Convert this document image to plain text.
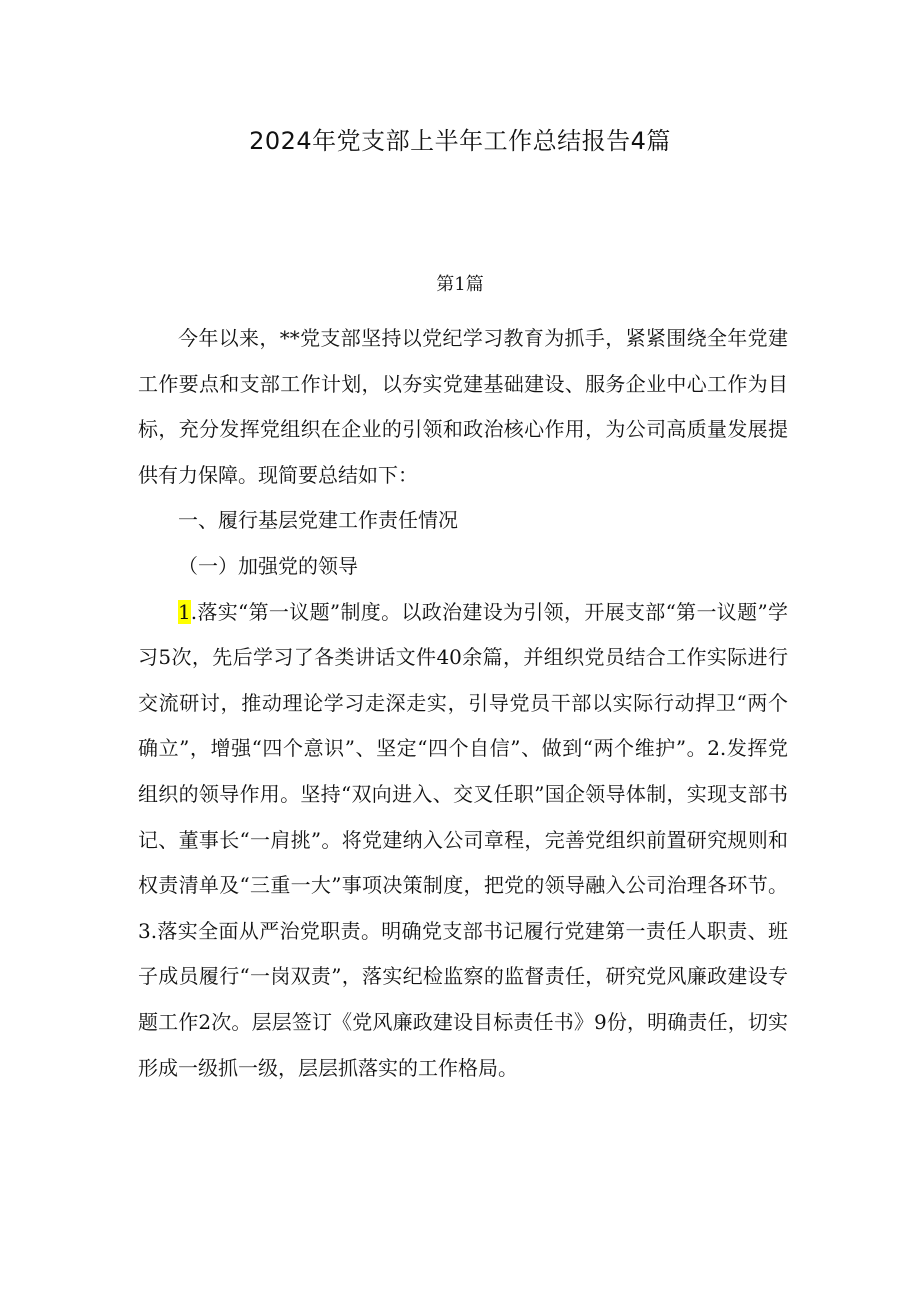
2024年党支部上半年工作总结报告4篇
第1篇

今年以来，**党支部坚持以党纪学习教育为抓手，紧紧围绕全年党建工作要点和支部工作计划，以夯实党建基础建设、服务企业中心工作为目标，充分发挥党组织在企业的引领和政治核心作用，为公司高质量发展提供有力保障。现简要总结如下：

一、履行基层党建工作责任情况

（一）加强党的领导

1.落实“第一议题”制度。以政治建设为引领，开展支部“第一议题”学习5次，先后学习了各类讲话文件40余篇，并组织党员结合工作实际进行交流研讨，推动理论学习走深走实，引导党员干部以实际行动捍卫“两个确立”，增强“四个意识”、坚定“四个自信”、做到“两个维护”。2.发挥党组织的领导作用。坚持“双向进入、交叉任职”国企领导体制，实现支部书记、董事长“一肩挑”。将党建纳入公司章程，完善党组织前置研究规则和权责清单及“三重一大”事项决策制度，把党的领导融入公司治理各环节。3.落实全面从严治党职责。明确党支部书记履行党建第一责任人职责、班子成员履行“一岗双责”，落实纪检监察的监督责任，研究党风廉政建设专题工作2次。层层签订《党风廉政建设目标责任书》9份，明确责任，切实形成一级抓一级，层层抓落实的工作格局。
